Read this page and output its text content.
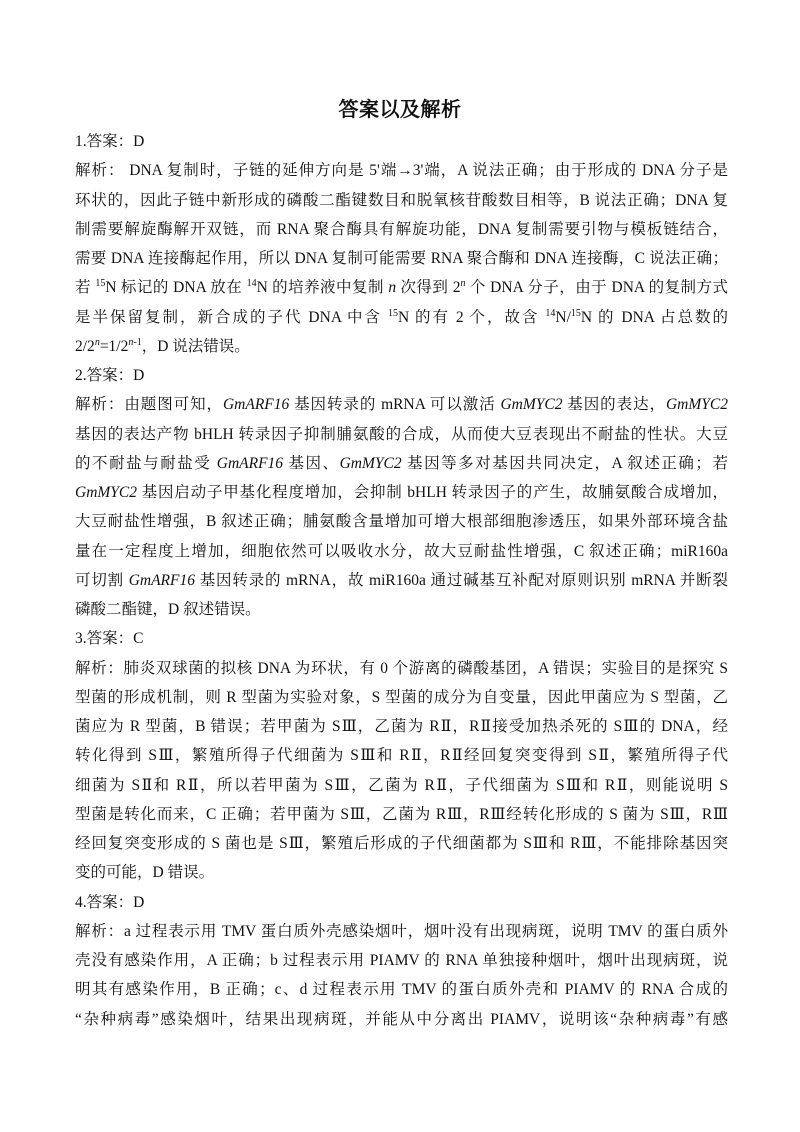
答案以及解析
1.答案：D
解析： DNA 复制时，子链的延伸方向是 5'端→3'端，A 说法正确；由于形成的 DNA 分子是
环状的，因此子链中新形成的磷酸二酯键数目和脱氧核苷酸数目相等，B 说法正确；DNA 复
制需要解旋酶解开双链，而 RNA 聚合酶具有解旋功能，DNA 复制需要引物与模板链结合，
需要 DNA 连接酶起作用，所以 DNA 复制可能需要 RNA 聚合酶和 DNA 连接酶，C 说法正确；
若 $^{15}$N 标记的 DNA 放在 $^{14}$N 的培养液中复制 n 次得到 2$^n$ 个 DNA 分子，由于 DNA 的复制方式
是半保留复制，新合成的子代 DNA 中含 $^{15}$N 的有 2 个，故含 $^{14}$N/$^{15}$N 的 DNA 占总数的
$2/2^n=1/2^{n-1}$，D 说法错误。
2.答案：D
解析：由题图可知，GmARF16 基因转录的 mRNA 可以激活 GmMYC2 基因的表达，GmMYC2
基因的表达产物 bHLH 转录因子抑制脯氨酸的合成，从而使大豆表现出不耐盐的性状。大豆
的不耐盐与耐盐受 GmARF16 基因、GmMYC2 基因等多对基因共同决定，A 叙述正确；若
GmMYC2 基因启动子甲基化程度增加，会抑制 bHLH 转录因子的产生，故脯氨酸合成增加，
大豆耐盐性增强，B 叙述正确；脯氨酸含量增加可增大根部细胞渗透压，如果外部环境含盐
量在一定程度上增加，细胞依然可以吸收水分，故大豆耐盐性增强，C 叙述正确；miR160a
可切割 GmARF16 基因转录的 mRNA，故 miR160a 通过碱基互补配对原则识别 mRNA 并断裂
磷酸二酯键，D 叙述错误。
3.答案：C
解析：肺炎双球菌的拟核 DNA 为环状，有 0 个游离的磷酸基团，A 错误；实验目的是探究 S
型菌的形成机制，则 R 型菌为实验对象，S 型菌的成分为自变量，因此甲菌应为 S 型菌，乙
菌应为 R 型菌，B 错误；若甲菌为 SⅢ，乙菌为 RⅡ，RⅡ接受加热杀死的 SⅢ的 DNA，经
转化得到 SⅢ，繁殖所得子代细菌为 SⅢ和 RⅡ，RⅡ经回复突变得到 SⅡ，繁殖所得子代
细菌为 SⅡ和 RⅡ，所以若甲菌为 SⅢ，乙菌为 RⅡ，子代细菌为 SⅢ和 RⅡ，则能说明 S
型菌是转化而来，C 正确；若甲菌为 SⅢ，乙菌为 RⅢ，RⅢ经转化形成的 S 菌为 SⅢ，RⅢ
经回复突变形成的 S 菌也是 SⅢ，繁殖后形成的子代细菌都为 SⅢ和 RⅢ，不能排除基因突
变的可能，D 错误。
4.答案：D
解析：a 过程表示用 TMV 蛋白质外壳感染烟叶，烟叶没有出现病斑，说明 TMV 的蛋白质外
壳没有感染作用，A 正确；b 过程表示用 PIAMV 的 RNA 单独接种烟叶，烟叶出现病斑，说
明其有感染作用，B 正确；c、d 过程表示用 TMV 的蛋白质外壳和 PIAMV 的 RNA 合成的
“杂种病毒”感染烟叶，结果出现病斑，并能从中分离出 PIAMV，说明该“杂种病毒”有感
